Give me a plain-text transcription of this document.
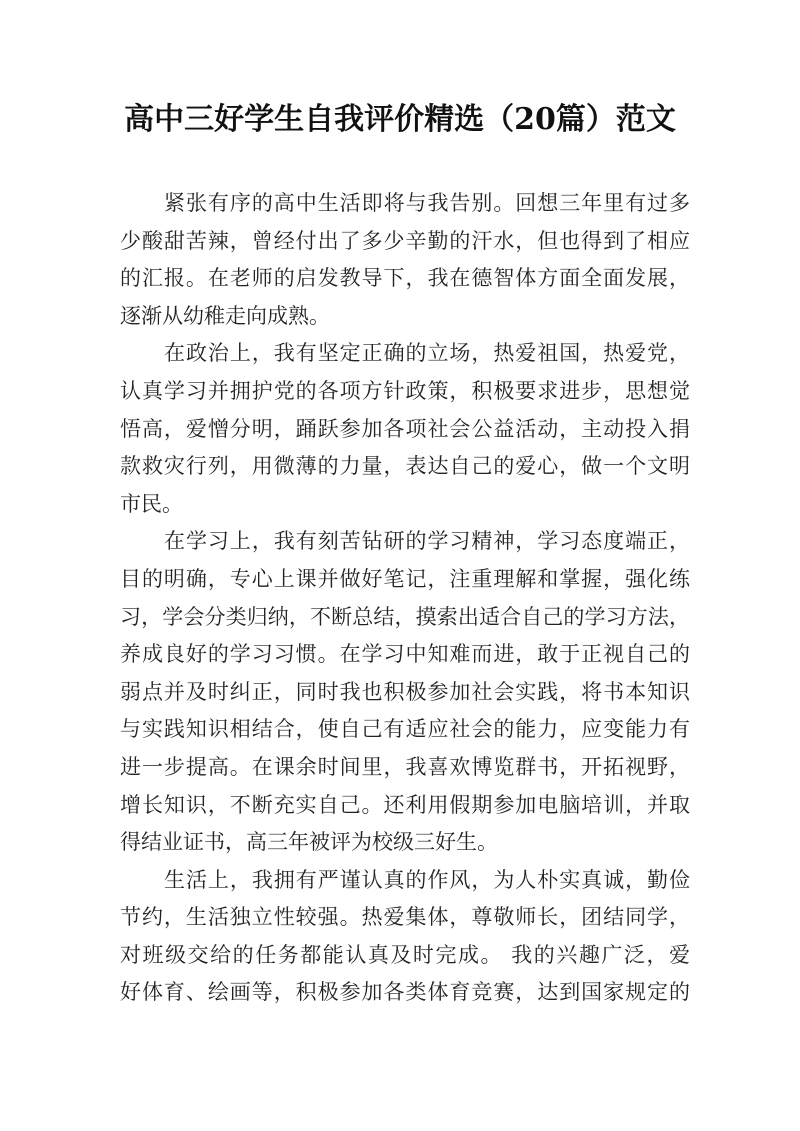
高中三好学生自我评价精选（20篇）范文
紧张有序的高中生活即将与我告别。回想三年里有过多
少酸甜苦辣，曾经付出了多少辛勤的汗水，但也得到了相应
的汇报。在老师的启发教导下，我在德智体方面全面发展，
逐渐从幼稚走向成熟。
在政治上，我有坚定正确的立场，热爱祖国，热爱党，
认真学习并拥护党的各项方针政策，积极要求进步，思想觉
悟高，爱憎分明，踊跃参加各项社会公益活动，主动投入捐
款救灾行列，用微薄的力量，表达自己的爱心，做一个文明
市民。
在学习上，我有刻苦钻研的学习精神，学习态度端正，
目的明确，专心上课并做好笔记，注重理解和掌握，强化练
习，学会分类归纳，不断总结，摸索出适合自己的学习方法，
养成良好的学习习惯。在学习中知难而进，敢于正视自己的
弱点并及时纠正，同时我也积极参加社会实践，将书本知识
与实践知识相结合，使自己有适应社会的能力，应变能力有
进一步提高。在课余时间里，我喜欢博览群书，开拓视野，
增长知识，不断充实自己。还利用假期参加电脑培训，并取
得结业证书，高三年被评为校级三好生。
生活上，我拥有严谨认真的作风，为人朴实真诚，勤俭
节约，生活独立性较强。热爱集体，尊敬师长，团结同学，
对班级交给的任务都能认真及时完成。 我的兴趣广泛，爱
好体育、绘画等，积极参加各类体育竞赛，达到国家规定的
